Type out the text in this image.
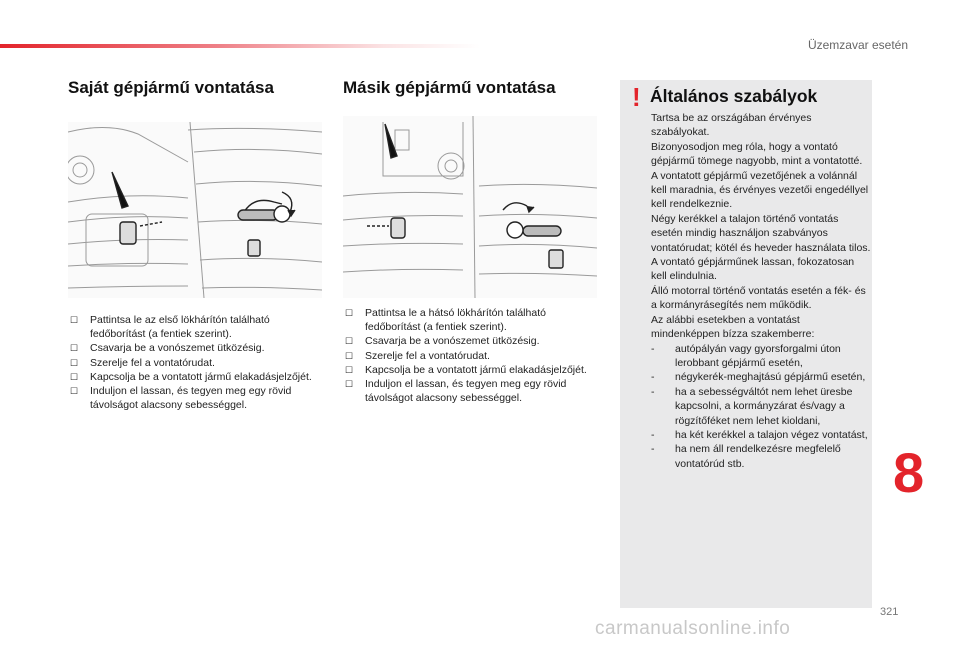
Üzemzavar esetén
Saját gépjármű vontatása
☐ Pattintsa le az első lökhárítón található fedőborítást (a fentiek szerint).
☐ Csavarja be a vonószemet ütközésig.
☐ Szerelje fel a vontatórudat.
☐ Kapcsolja be a vontatott jármű elakadásjelzőjét.
☐ Induljon el lassan, és tegyen meg egy rövid távolságot alacsony sebességgel.
Másik gépjármű vontatása
☐ Pattintsa le a hátsó lökhárítón található fedőborítást (a fentiek szerint).
☐ Csavarja be a vonószemet ütközésig.
☐ Szerelje fel a vontatórudat.
☐ Kapcsolja be a vontatott jármű elakadásjelzőjét.
☐ Induljon el lassan, és tegyen meg egy rövid távolságot alacsony sebességgel.
! Általános szabályok

Tartsa be az országában érvényes szabályokat.

Bizonyosodjon meg róla, hogy a vontató gépjármű tömege nagyobb, mint a vontatotté.

A vontatott gépjármű vezetőjének a volánnál kell maradnia, és érvényes vezetői engedéllyel kell rendelkeznie.

Négy kerékkel a talajon történő vontatás esetén mindig használjon szabványos vontatórudat; kötél és heveder használata tilos.

A vontató gépjárműnek lassan, fokozatosan kell elindulnia.

Álló motorral történő vontatás esetén a fék- és a kormányrásegítés nem működik.

Az alábbi esetekben a vontatást mindenképpen bízza szakemberre:

- autópályán vagy gyorsforgalmi úton lerobbant gépjármű esetén,
- négykerék-meghajtású gépjármű esetén,
- ha a sebességváltót nem lehet üresbe kapcsolni, a kormányzárat és/vagy a rögzítőféket nem lehet kioldani,
- ha két kerékkel a talajon végez vontatást,
- ha nem áll rendelkezésre megfelelő vontatórúd stb.	8
321
carmanualsonline.info
